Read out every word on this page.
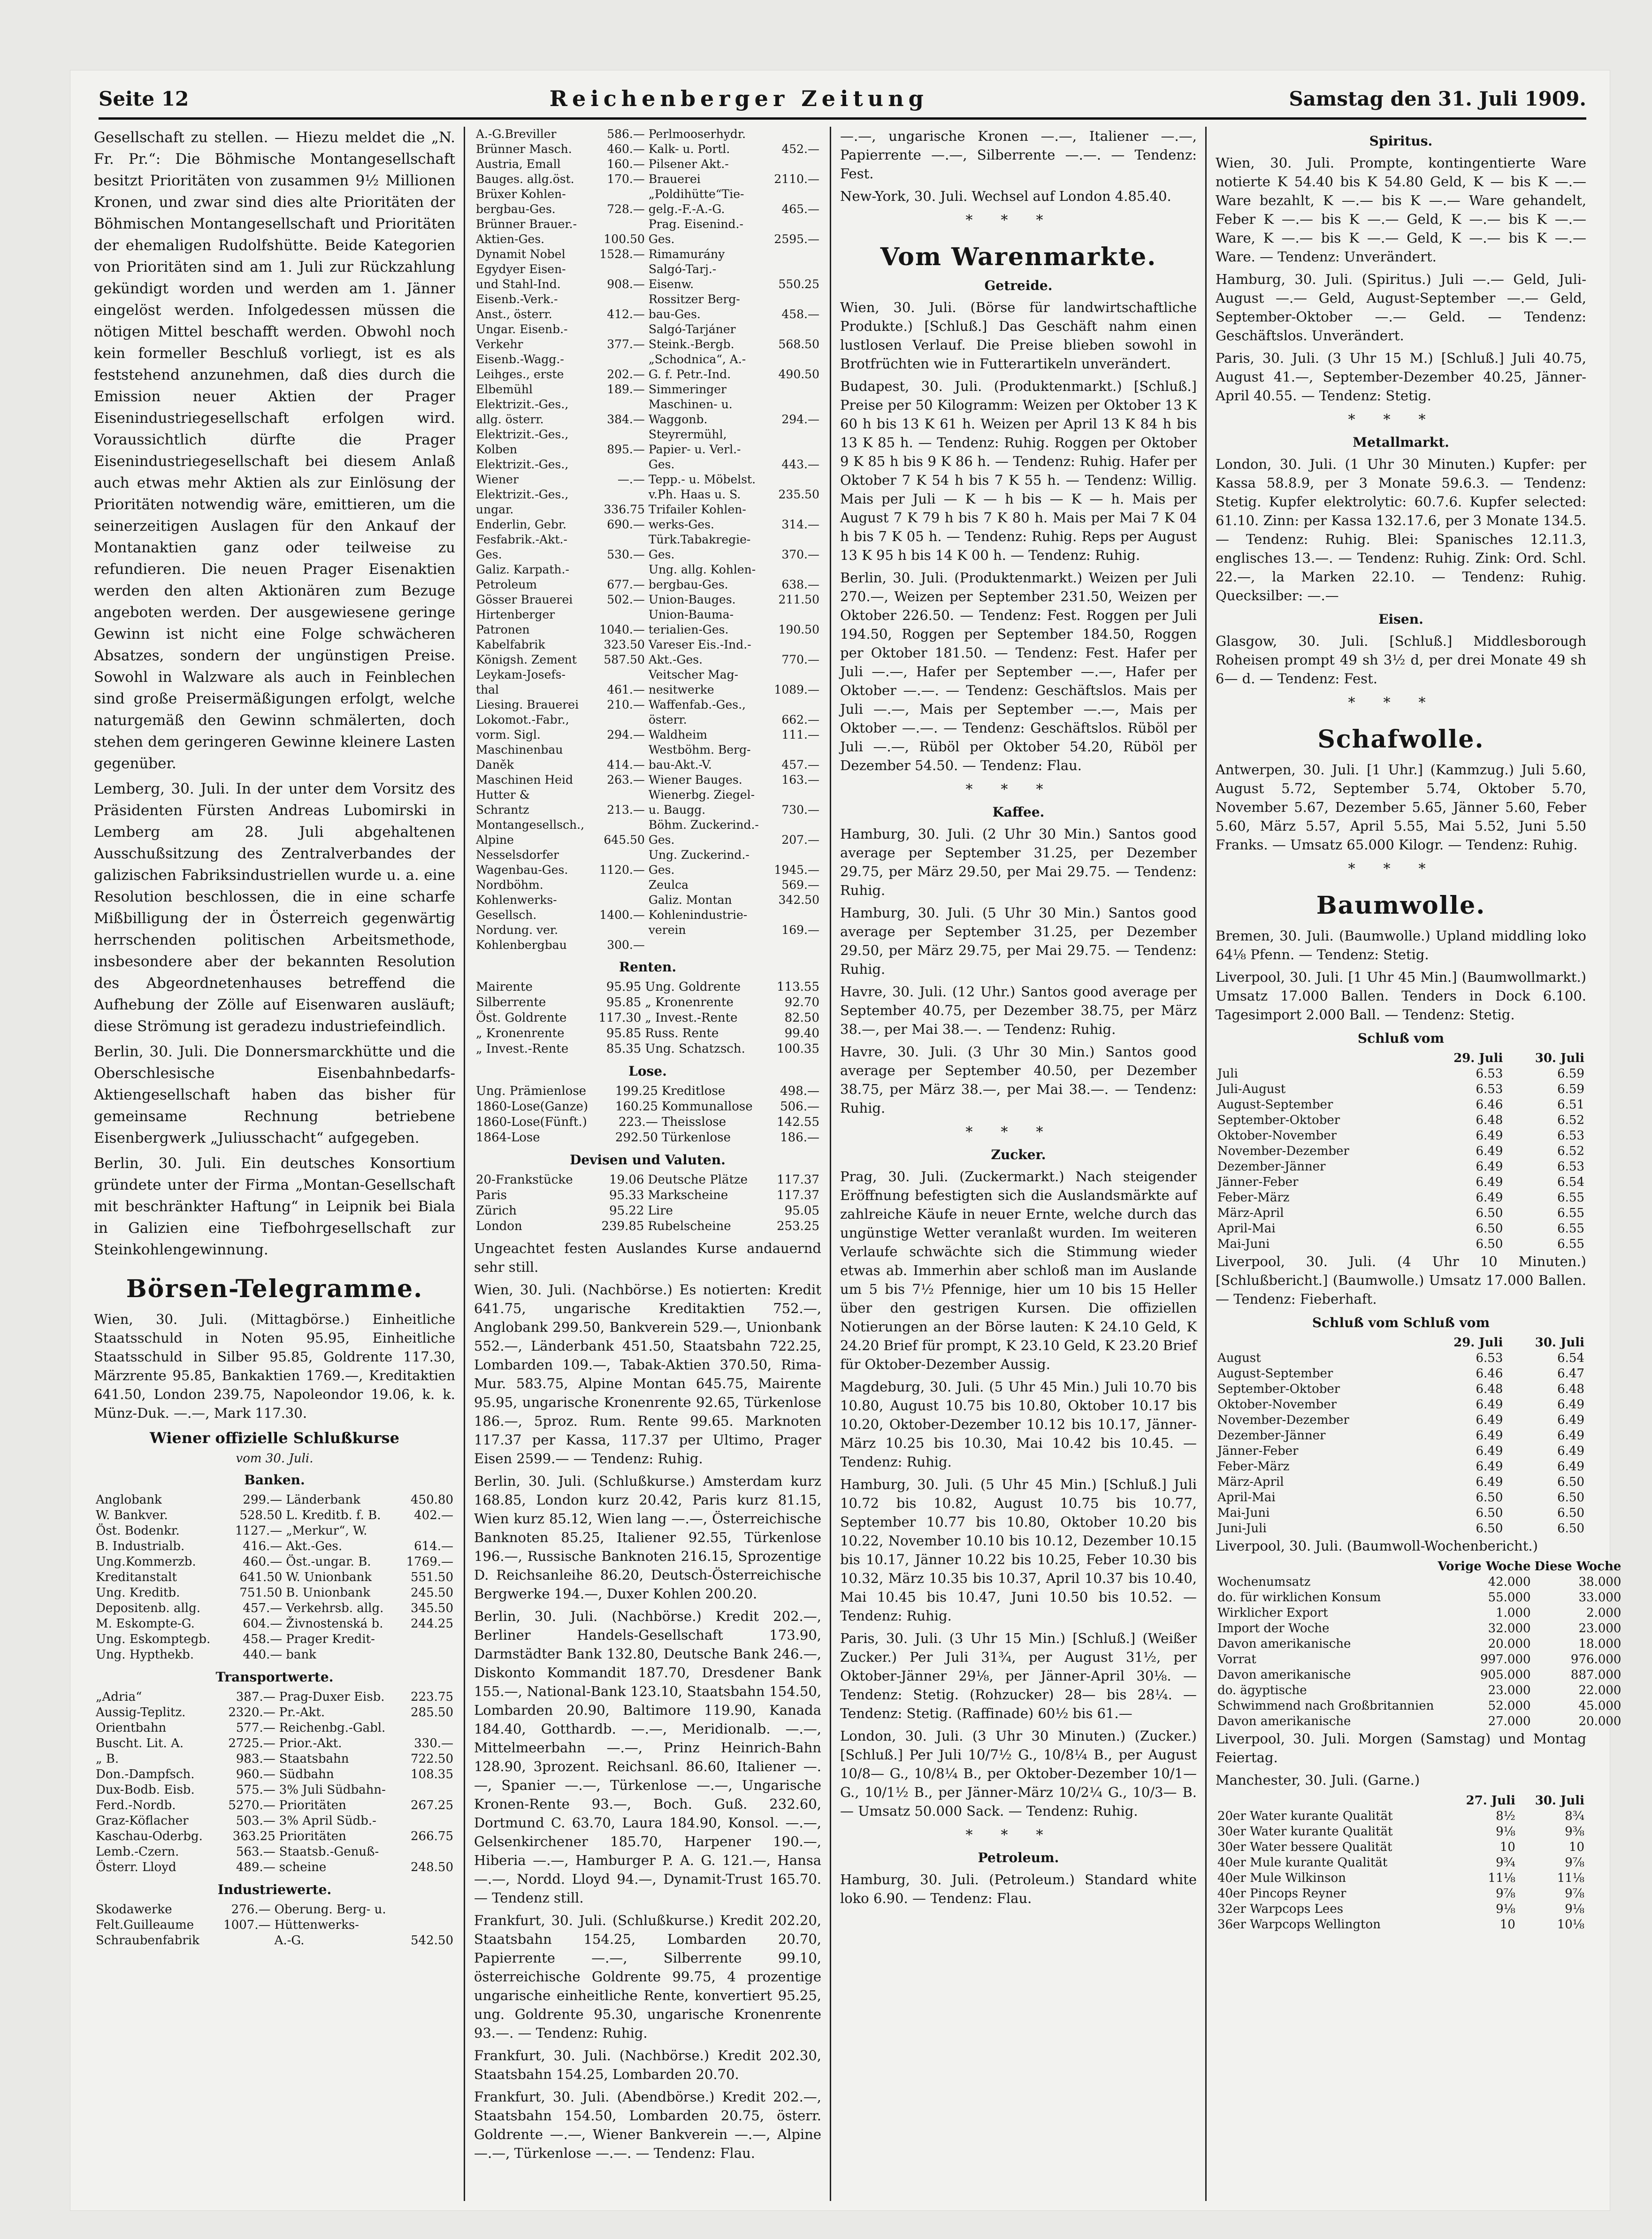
Seite 12	Reichenberger Zeitung	Samstag den 31. Juli 1909.

Gesellschaft zu stellen. — Hiezu meldet die „N. Fr. Pr.“: Die Böhmische Montangesellschaft besitzt Prioritäten von zusammen 9½ Millionen Kronen, und zwar sind dies alte Prioritäten der Böhmischen Montangesellschaft und Prioritäten der ehemaligen Rudolfshütte. Beide Kategorien von Prioritäten sind am 1. Juli zur Rückzahlung gekündigt worden und werden am 1. Jänner eingelöst werden. Infolgedessen müssen die nötigen Mittel beschafft werden. Obwohl noch kein formeller Beschluß vorliegt, ist es als feststehend anzunehmen, daß dies durch die Emission neuer Aktien der Prager Eisenindustriegesellschaft erfolgen wird. Voraussichtlich dürfte die Prager Eisenindustriegesellschaft bei diesem Anlaß auch etwas mehr Aktien als zur Einlösung der Prioritäten notwendig wäre, emittieren, um die seinerzeitigen Auslagen für den Ankauf der Montanaktien ganz oder teilweise zu refundieren. Die neuen Prager Eisenaktien werden den alten Aktionären zum Bezuge angeboten werden. Der ausgewiesene geringe Gewinn ist nicht eine Folge schwächeren Absatzes, sondern der ungünstigen Preise. Sowohl in Walzware als auch in Feinblechen sind große Preisermäßigungen erfolgt, welche naturgemäß den Gewinn schmälerten, doch stehen dem geringeren Gewinne kleinere Lasten gegenüber.

Lemberg, 30. Juli. In der unter dem Vorsitz des Präsidenten Fürsten Andreas Lubomirski in Lemberg am 28. Juli abgehaltenen Ausschußsitzung des Zentralverbandes der galizischen Fabriksindustriellen wurde u. a. eine Resolution beschlossen, die in eine scharfe Mißbilligung der in Österreich gegenwärtig herrschenden politischen Arbeitsmethode, insbesondere aber der bekannten Resolution des Abgeordnetenhauses betreffend die Aufhebung der Zölle auf Eisenwaren ausläuft; diese Strömung ist geradezu industriefeindlich.

Berlin, 30. Juli. Die Donnersmarckhütte und die Oberschlesische Eisenbahnbedarfs-Aktiengesellschaft haben das bisher für gemeinsame Rechnung betriebene Eisenbergwerk „Juliusschacht“ aufgegeben.

Berlin, 30. Juli. Ein deutsches Konsortium gründete unter der Firma „Montan-Gesellschaft mit beschränkter Haftung“ in Leipnik bei Biala in Galizien eine Tiefbohrgesellschaft zur Steinkohlengewinnung.

Börsen-Telegramme.

Wien, 30. Juli. (Mittagbörse.) Einheitliche Staatsschuld in Noten 95.95, Einheitliche Staatsschuld in Silber 95.85, Goldrente 117.30, Märzrente 95.85, Bankaktien 1769.—, Kreditaktien 641.50, London 239.75, Napoleondor 19.06, k. k. Münz-Duk. —.—, Mark 117.30.

Wiener offizielle Schlußkurse
vom 30. Juli.
Banken.
Anglobank	299.—	Länderbank	450.80
W. Bankver.	528.50	L. Kreditb. f. B.	402.—
Öst. Bodenkr.	1127.—	„Merkur“, W.	
B. Industrialb.	416.—	Akt.-Ges.	614.—
Ung.Kommerzb.	460.—	Öst.-ungar. B.	1769.—
Kreditanstalt	641.50	W. Unionbank	551.50
Ung. Kreditb.	751.50	B. Unionbank	245.50
Depositenb. allg.	457.—	Verkehrsb. allg.	345.50
M. Eskompte-G.	604.—	Živnostenská b.	244.25
Ung. Eskomptegb.	458.—	Prager Kredit-	
Ung. Hypthekb.	440.—	bank	
Transportwerte.
„Adria“	387.—	Prag-Duxer Eisb.	223.75
Aussig-Teplitz.	2320.—	Pr.-Akt.	285.50
Orientbahn	577.—	Reichenbg.-Gabl.	
Buscht. Lit. A.	2725.—	Prior.-Akt.	330.—
„ B.	983.—	Staatsbahn	722.50
Don.-Dampfsch.	960.—	Südbahn	108.35
Dux-Bodb. Eisb.	575.—	3% Juli Südbahn-	
Ferd.-Nordb.	5270.—	Prioritäten	267.25
Graz-Köflacher	503.—	3% April Südb.-	
Kaschau-Oderbg.	363.25	Prioritäten	266.75
Lemb.-Czern.	563.—	Staatsb.-Genuß-	
Österr. Lloyd	489.—	scheine	248.50
Industriewerte.
Skodawerke	276.—	Oberung. Berg- u.	
Felt.Guilleaume	1007.—	Hüttenwerks-	
Schraubenfabrik		A.-G.	542.50
A.-G.Breviller	586.—	Perlmooserhydr.	
Brünner Masch.	460.—	Kalk- u. Portl.	452.—
Austria, Emall	160.—	Pilsener Akt.-	
Bauges. allg.öst.	170.—	Brauerei	2110.—
Brüxer Kohlen-		„Poldihütte“Tie-	
bergbau-Ges.	728.—	gelg.-F.-A.-G.	465.—
Brünner Brauer.-		Prag. Eisenind.-	
Aktien-Ges.	100.50	Ges.	2595.—
Dynamit Nobel	1528.—	Rimamurány	
Egydyer Eisen-		Salgó-Tarj.-	
und Stahl-Ind.	908.—	Eisenw.	550.25
Eisenb.-Verk.-		Rossitzer Berg-	
Anst., österr.	412.—	bau-Ges.	458.—
Ungar. Eisenb.-		Salgó-Tarjáner	
Verkehr	377.—	Steink.-Bergb.	568.50
Eisenb.-Wagg.-		„Schodnica“, A.-	
Leihges., erste	202.—	G. f. Petr.-Ind.	490.50
Elbemühl	189.—	Simmeringer	
Elektrizit.-Ges.,		Maschinen- u.	
allg. österr.	384.—	Waggonb.	294.—
Elektrizit.-Ges.,		Steyrermühl,	
Kolben	895.—	Papier- u. Verl.-	
Elektrizit.-Ges.,		Ges.	443.—
Wiener	—.—	Tepp.- u. Möbelst.	
Elektrizit.-Ges.,		v.Ph. Haas u. S.	235.50
ungar.	336.75	Trifailer Kohlen-	
Enderlin, Gebr.	690.—	werks-Ges.	314.—
Fesfabrik.-Akt.-		Türk.Tabakregie-	
Ges.	530.—	Ges.	370.—
Galiz. Karpath.-		Ung. allg. Kohlen-	
Petroleum	677.—	bergbau-Ges.	638.—
Gösser Brauerei	502.—	Union-Bauges.	211.50
Hirtenberger		Union-Baumа-	
Patronen	1040.—	terialien-Ges.	190.50
Kabelfabrik	323.50	Vareser Eis.-Ind.-	
Königsh. Zement	587.50	Akt.-Ges.	770.—
Leykam-Josefs-		Veitscher Mag-	
thal	461.—	nesitwerke	1089.—
Liesing. Brauerei	210.—	Waffenfab.-Ges.,	
Lokomot.-Fabr.,		österr.	662.—
vorm. Sigl.	294.—	Waldheim	111.—
Maschinenbau		Westböhm. Berg-	
Daněk	414.—	bau-Akt.-V.	457.—
Maschinen Heid	263.—	Wiener Bauges.	163.—
Hutter &		Wienerbg. Ziegel-	
Schrantz	213.—	u. Baugg.	730.—
Montangesellsch.,		Böhm. Zuckerind.-	
Alpine	645.50	Ges.	207.—
Nesselsdorfer		Ung. Zuckerind.-	
Wagenbau-Ges.	1120.—	Ges.	1945.—
Nordböhm.		Zeulca	569.—
Kohlenwerks-		Galiz. Montan	342.50
Gesellsch.	1400.—	Kohlenindustrie-	
Nordung. ver.		verein	169.—
Kohlenbergbau	300.—		
Renten.
Mairente	95.95	Ung. Goldrente	113.55
Silberrente	95.85	„ Kronenrente	92.70
Öst. Goldrente	117.30	„ Invest.-Rente	82.50
„ Kronenrente	95.85	Russ. Rente	99.40
„ Invest.-Rente	85.35	Ung. Schatzsch.	100.35
Lose.
Ung. Prämienlose	199.25	Kreditlose	498.—
1860-Lose(Ganze)	160.25	Kommunallose	506.—
1860-Lose(Fünft.)	223.—	Theisslose	142.55
1864-Lose	292.50	Türkenlose	186.—
Devisen und Valuten.
20-Frankstücke	19.06	Deutsche Plätze	117.37
Paris	95.33	Markscheine	117.37
Zürich	95.22	Lire	95.05
London	239.85	Rubelscheine	253.25

Ungeachtet festen Auslandes Kurse andauernd sehr still.

Wien, 30. Juli. (Nachbörse.) Es notierten: Kredit 641.75, ungarische Kreditaktien 752.—, Anglobank 299.50, Bankverein 529.—, Unionbank 552.—, Länderbank 451.50, Staatsbahn 722.25, Lombarden 109.—, Tabak-Aktien 370.50, Rima-Mur. 583.75, Alpine Montan 645.75, Mairente 95.95, ungarische Kronenrente 92.65, Türkenlose 186.—, 5proz. Rum. Rente 99.65. Marknoten 117.37 per Kassa, 117.37 per Ultimo, Prager Eisen 2599.— — Tendenz: Ruhig.

Berlin, 30. Juli. (Schlußkurse.) Amsterdam kurz 168.85, London kurz 20.42, Paris kurz 81.15, Wien kurz 85.12, Wien lang —.—, Österreichische Banknoten 85.25, Italiener 92.55, Türkenlose 196.—, Russische Banknoten 216.15, Sprozentige D. Reichsanleihe 86.20, Deutsch-Österreichische Bergwerke 194.—, Duxer Kohlen 200.20.

Berlin, 30. Juli. (Nachbörse.) Kredit 202.—, Berliner Handels-Gesellschaft 173.90, Darmstädter Bank 132.80, Deutsche Bank 246.—, Diskonto Kommandit 187.70, Dresdener Bank 155.—, National-Bank 123.10, Staatsbahn 154.50, Lombarden 20.90, Baltimore 119.90, Kanada 184.40, Gotthardb. —.—, Meridionalb. —.—, Mittelmeerbahn —.—, Prinz Heinrich-Bahn 128.90, 3prozent. Reichsanl. 86.60, Italiener —.—, Spanier —.—, Türkenlose —.—, Ungarische Kronen-Rente 93.—, Boch. Guß. 232.60, Dortmund C. 63.70, Laura 184.90, Konsol. —.—, Gelsenkirchener 185.70, Harpener 190.—, Hiberia —.—, Hamburger P. A. G. 121.—, Hansa —.—, Nordd. Lloyd 94.—, Dynamit-Trust 165.70. — Tendenz still.

Frankfurt, 30. Juli. (Schlußkurse.) Kredit 202.20, Staatsbahn 154.25, Lombarden 20.70, Papierrente —.—, Silberrente 99.10, österreichische Goldrente 99.75, 4 prozentige ungarische einheitliche Rente, konvertiert 95.25, ung. Goldrente 95.30, ungarische Kronenrente 93.—. — Tendenz: Ruhig.

Frankfurt, 30. Juli. (Nachbörse.) Kredit 202.30, Staatsbahn 154.25, Lombarden 20.70.

Frankfurt, 30. Juli. (Abendbörse.) Kredit 202.—, Staatsbahn 154.50, Lombarden 20.75, österr. Goldrente —.—, Wiener Bankverein —.—, Alpine —.—, Türkenlose —.—. — Tendenz: Flau.

—.—, ungarische Kronen —.—, Italiener —.—, Papierrente —.—, Silberrente —.—. — Tendenz: Fest.

New-York, 30. Juli. Wechsel auf London 4.85.40.

***
Vom Warenmarkte.
Getreide.

Wien, 30. Juli. (Börse für landwirtschaftliche Produkte.) [Schluß.] Das Geschäft nahm einen lustlosen Verlauf. Die Preise blieben sowohl in Brotfrüchten wie in Futterartikeln unverändert.

Budapest, 30. Juli. (Produktenmarkt.) [Schluß.] Preise per 50 Kilogramm: Weizen per Oktober 13 K 60 h bis 13 K 61 h. Weizen per April 13 K 84 h bis 13 K 85 h. — Tendenz: Ruhig. Roggen per Oktober 9 K 85 h bis 9 K 86 h. — Tendenz: Ruhig. Hafer per Oktober 7 K 54 h bis 7 K 55 h. — Tendenz: Willig. Mais per Juli — K — h bis — K — h. Mais per August 7 K 79 h bis 7 K 80 h. Mais per Mai 7 K 04 h bis 7 K 05 h. — Tendenz: Ruhig. Reps per August 13 K 95 h bis 14 K 00 h. — Tendenz: Ruhig.

Berlin, 30. Juli. (Produktenmarkt.) Weizen per Juli 270.—, Weizen per September 231.50, Weizen per Oktober 226.50. — Tendenz: Fest. Roggen per Juli 194.50, Roggen per September 184.50, Roggen per Oktober 181.50. — Tendenz: Fest. Hafer per Juli —.—, Hafer per September —.—, Hafer per Oktober —.—. — Tendenz: Geschäftslos. Mais per Juli —.—, Mais per September —.—, Mais per Oktober —.—. — Tendenz: Geschäftslos. Rüböl per Juli —.—, Rüböl per Oktober 54.20, Rüböl per Dezember 54.50. — Tendenz: Flau.

***
Kaffee.

Hamburg, 30. Juli. (2 Uhr 30 Min.) Santos good average per September 31.25, per Dezember 29.75, per März 29.50, per Mai 29.75. — Tendenz: Ruhig.

Hamburg, 30. Juli. (5 Uhr 30 Min.) Santos good average per September 31.25, per Dezember 29.50, per März 29.75, per Mai 29.75. — Tendenz: Ruhig.

Havre, 30. Juli. (12 Uhr.) Santos good average per September 40.75, per Dezember 38.75, per März 38.—, per Mai 38.—. — Tendenz: Ruhig.

Havre, 30. Juli. (3 Uhr 30 Min.) Santos good average per September 40.50, per Dezember 38.75, per März 38.—, per Mai 38.—. — Tendenz: Ruhig.

***
Zucker.

Prag, 30. Juli. (Zuckermarkt.) Nach steigender Eröffnung befestigten sich die Auslandsmärkte auf zahlreiche Käufe in neuer Ernte, welche durch das ungünstige Wetter veranlaßt wurden. Im weiteren Verlaufe schwächte sich die Stimmung wieder etwas ab. Immerhin aber schloß man im Auslande um 5 bis 7½ Pfennige, hier um 10 bis 15 Heller über den gestrigen Kursen. Die offiziellen Notierungen an der Börse lauten: K 24.10 Geld, K 24.20 Brief für prompt, K 23.10 Geld, K 23.20 Brief für Oktober-Dezember Aussig.

Magdeburg, 30. Juli. (5 Uhr 45 Min.) Juli 10.70 bis 10.80, August 10.75 bis 10.80, Oktober 10.17 bis 10.20, Oktober-Dezember 10.12 bis 10.17, Jänner-März 10.25 bis 10.30, Mai 10.42 bis 10.45. — Tendenz: Ruhig.

Hamburg, 30. Juli. (5 Uhr 45 Min.) [Schluß.] Juli 10.72 bis 10.82, August 10.75 bis 10.77, September 10.77 bis 10.80, Oktober 10.20 bis 10.22, November 10.10 bis 10.12, Dezember 10.15 bis 10.17, Jänner 10.22 bis 10.25, Feber 10.30 bis 10.32, März 10.35 bis 10.37, April 10.37 bis 10.40, Mai 10.45 bis 10.47, Juni 10.50 bis 10.52. — Tendenz: Ruhig.

Paris, 30. Juli. (3 Uhr 15 Min.) [Schluß.] (Weißer Zucker.) Per Juli 31¾, per August 31½, per Oktober-Jänner 29⅛, per Jänner-April 30⅛. — Tendenz: Stetig. (Rohzucker) 28— bis 28¼. — Tendenz: Stetig. (Raffinade) 60½ bis 61.—

London, 30. Juli. (3 Uhr 30 Minuten.) (Zucker.) [Schluß.] Per Juli 10/7½ G., 10/8¼ B., per August 10/8— G., 10/8¼ B., per Oktober-Dezember 10/1— G., 10/1½ B., per Jänner-März 10/2¼ G., 10/3— B. — Umsatz 50.000 Sack. — Tendenz: Ruhig.

***
Petroleum.

Hamburg, 30. Juli. (Petroleum.) Standard white loko 6.90. — Tendenz: Flau.

Spiritus.

Wien, 30. Juli. Prompte, kontingentierte Ware notierte K 54.40 bis K 54.80 Geld, K — bis K —.— Ware bezahlt, K —.— bis K —.— Ware gehandelt, Feber K —.— bis K —.— Geld, K —.— bis K —.— Ware, K —.— bis K —.— Geld, K —.— bis K —.— Ware. — Tendenz: Unverändert.

Hamburg, 30. Juli. (Spiritus.) Juli —.— Geld, Juli-August —.— Geld, August-September —.— Geld, September-Oktober —.— Geld. — Tendenz: Geschäftslos. Unverändert.

Paris, 30. Juli. (3 Uhr 15 M.) [Schluß.] Juli 40.75, August 41.—, September-Dezember 40.25, Jänner-April 40.55. — Tendenz: Stetig.

***
Metallmarkt.

London, 30. Juli. (1 Uhr 30 Minuten.) Kupfer: per Kassa 58.8.9, per 3 Monate 59.6.3. — Tendenz: Stetig. Kupfer elektrolytic: 60.7.6. Kupfer selected: 61.10. Zinn: per Kassa 132.17.6, per 3 Monate 134.5. — Tendenz: Ruhig. Blei: Spanisches 12.11.3, englisches 13.—. — Tendenz: Ruhig. Zink: Ord. Schl. 22.—, la Marken 22.10. — Tendenz: Ruhig. Quecksilber: —.—

Eisen.

Glasgow, 30. Juli. [Schluß.] Middlesborough Roheisen prompt 49 sh 3½ d, per drei Monate 49 sh 6— d. — Tendenz: Fest.

***
Schafwolle.

Antwerpen, 30. Juli. [1 Uhr.] (Kammzug.) Juli 5.60, August 5.72, September 5.74, Oktober 5.70, November 5.67, Dezember 5.65, Jänner 5.60, Feber 5.60, März 5.57, April 5.55, Mai 5.52, Juni 5.50 Franks. — Umsatz 65.000 Kilogr. — Tendenz: Ruhig.

***
Baumwolle.

Bremen, 30. Juli. (Baumwolle.) Upland middling loko 64⅛ Pfenn. — Tendenz: Stetig.

Liverpool, 30. Juli. [1 Uhr 45 Min.] (Baumwollmarkt.) Umsatz 17.000 Ballen. Tenders in Dock 6.100. Tagesimport 2.000 Ball. — Tendenz: Stetig.

Schluß vom
	29. Juli	30. Juli
Juli	6.53	6.59
Juli-August	6.53	6.59
August-September	6.46	6.51
September-Oktober	6.48	6.52
Oktober-November	6.49	6.53
November-Dezember	6.49	6.52
Dezember-Jänner	6.49	6.53
Jänner-Feber	6.49	6.54
Feber-März	6.49	6.55
März-April	6.50	6.55
April-Mai	6.50	6.55
Mai-Juni	6.50	6.55

Liverpool, 30. Juli. (4 Uhr 10 Minuten.) [Schlußbericht.] (Baumwolle.) Umsatz 17.000 Ballen. — Tendenz: Fieberhaft.

Schluß vom Schluß vom
	29. Juli	30. Juli
August	6.53	6.54
August-September	6.46	6.47
September-Oktober	6.48	6.48
Oktober-November	6.49	6.49
November-Dezember	6.49	6.49
Dezember-Jänner	6.49	6.49
Jänner-Feber	6.49	6.49
Feber-März	6.49	6.49
März-April	6.49	6.50
April-Mai	6.50	6.50
Mai-Juni	6.50	6.50
Juni-Juli	6.50	6.50

Liverpool, 30. Juli. (Baumwoll-Wochenbericht.)

	Vorige Woche	Diese Woche
Wochenumsatz	42.000	38.000
do. für wirklichen Konsum	55.000	33.000
Wirklicher Export	1.000	2.000
Import der Woche	32.000	23.000
Davon amerikanische	20.000	18.000
Vorrat	997.000	976.000
Davon amerikanische	905.000	887.000
do. ägyptische	23.000	22.000
Schwimmend nach Großbritannien	52.000	45.000
Davon amerikanische	27.000	20.000

Liverpool, 30. Juli. Morgen (Samstag) und Montag Feiertag.

Manchester, 30. Juli. (Garne.)

	27. Juli	30. Juli
20er Water kurante Qualität	8½	8¾
30er Water kurante Qualität	9⅛	9⅜
30er Water bessere Qualität	10	10
40er Mule kurante Qualität	9¾	9⅞
40er Mule Wilkinson	11⅛	11⅛
40er Pincops Reyner	9⅞	9⅞
32er Warpcops Lees	9⅛	9⅛
36er Warpcops Wellington	10	10⅛
